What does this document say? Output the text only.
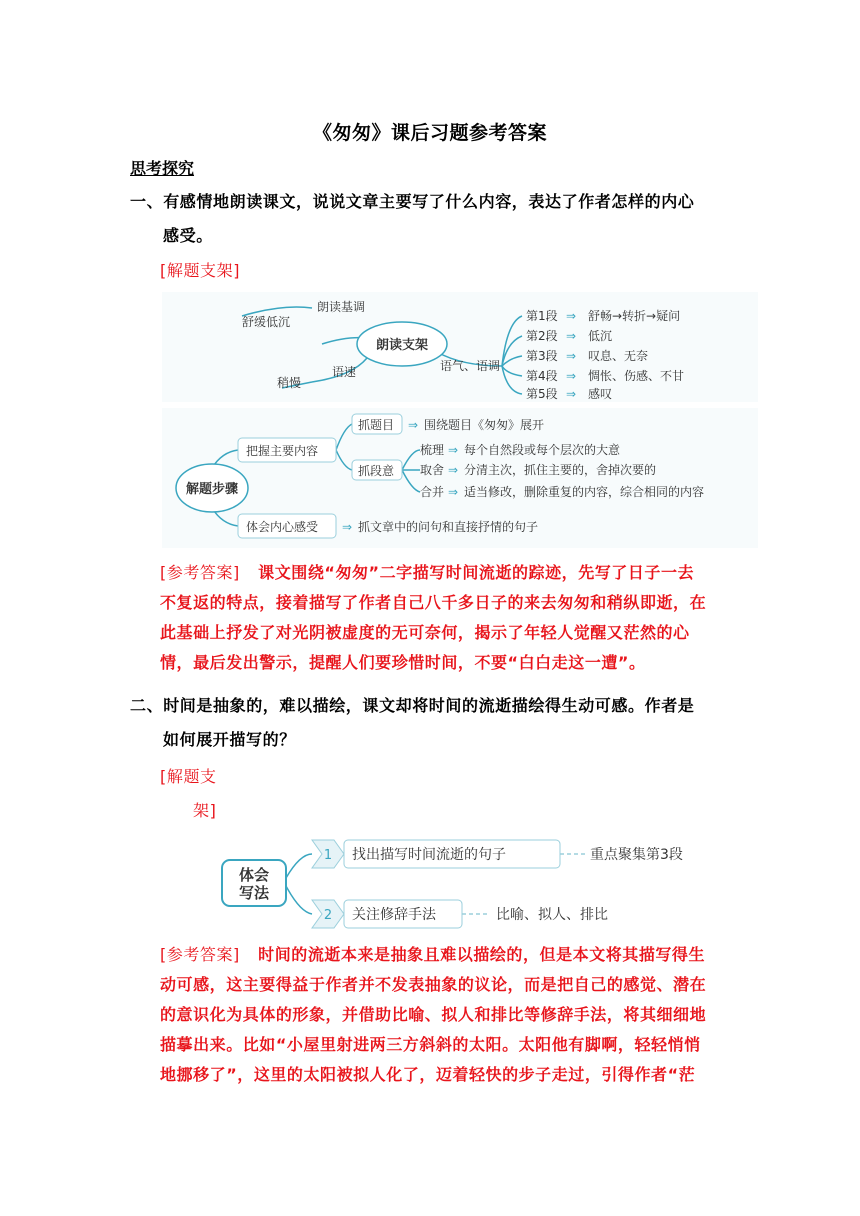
《匆匆》课后习题参考答案
思考探究
一、有感情地朗读课文，说说文章主要写了什么内容，表达了作者怎样的内心
感受。
[解题支架]
朗读支架
朗读基调
舒缓低沉
语速
稍慢
语气、语调
第1段
第2段
第3段
第4段
第5段
⇒
⇒
⇒
⇒
⇒
舒畅→转折→疑问
低沉
叹息、无奈
惆怅、伤感、不甘
感叹
解题步骤
把握主要内容
抓题目 ⇒ 围绕题目《匆匆》展开
抓段意
梳理
取舍
合并
⇒
⇒
⇒
每个自然段或每个层次的大意
分清主次，抓住主要的，舍掉次要的
适当修改，删除重复的内容，综合相同的内容
体会内心感受 ⇒ 抓文章中的问句和直接抒情的句子
[参考答案] 课文围绕“匆匆”二字描写时间流逝的踪迹，先写了日子一去
不复返的特点，接着描写了作者自己八千多日子的来去匆匆和稍纵即逝，在
此基础上抒发了对光阴被虚度的无可奈何，揭示了年轻人觉醒又茫然的心
情，最后发出警示，提醒人们要珍惜时间，不要“白白走这一遭”。
二、时间是抽象的，难以描绘，课文却将时间的流逝描绘得生动可感。作者是
如何展开描写的？
[解题支
架]
体会
写法
1 找出描写时间流逝的句子	重点聚集第3段
2 关注修辞手法	比喻、拟人、排比
[参考答案] 时间的流逝本来是抽象且难以描绘的，但是本文将其描写得生
动可感，这主要得益于作者并不发表抽象的议论，而是把自己的感觉、潜在
的意识化为具体的形象，并借助比喻、拟人和排比等修辞手法，将其细细地
描摹出来。比如“小屋里射进两三方斜斜的太阳。太阳他有脚啊，轻轻悄悄
地挪移了”，这里的太阳被拟人化了，迈着轻快的步子走过，引得作者“茫
